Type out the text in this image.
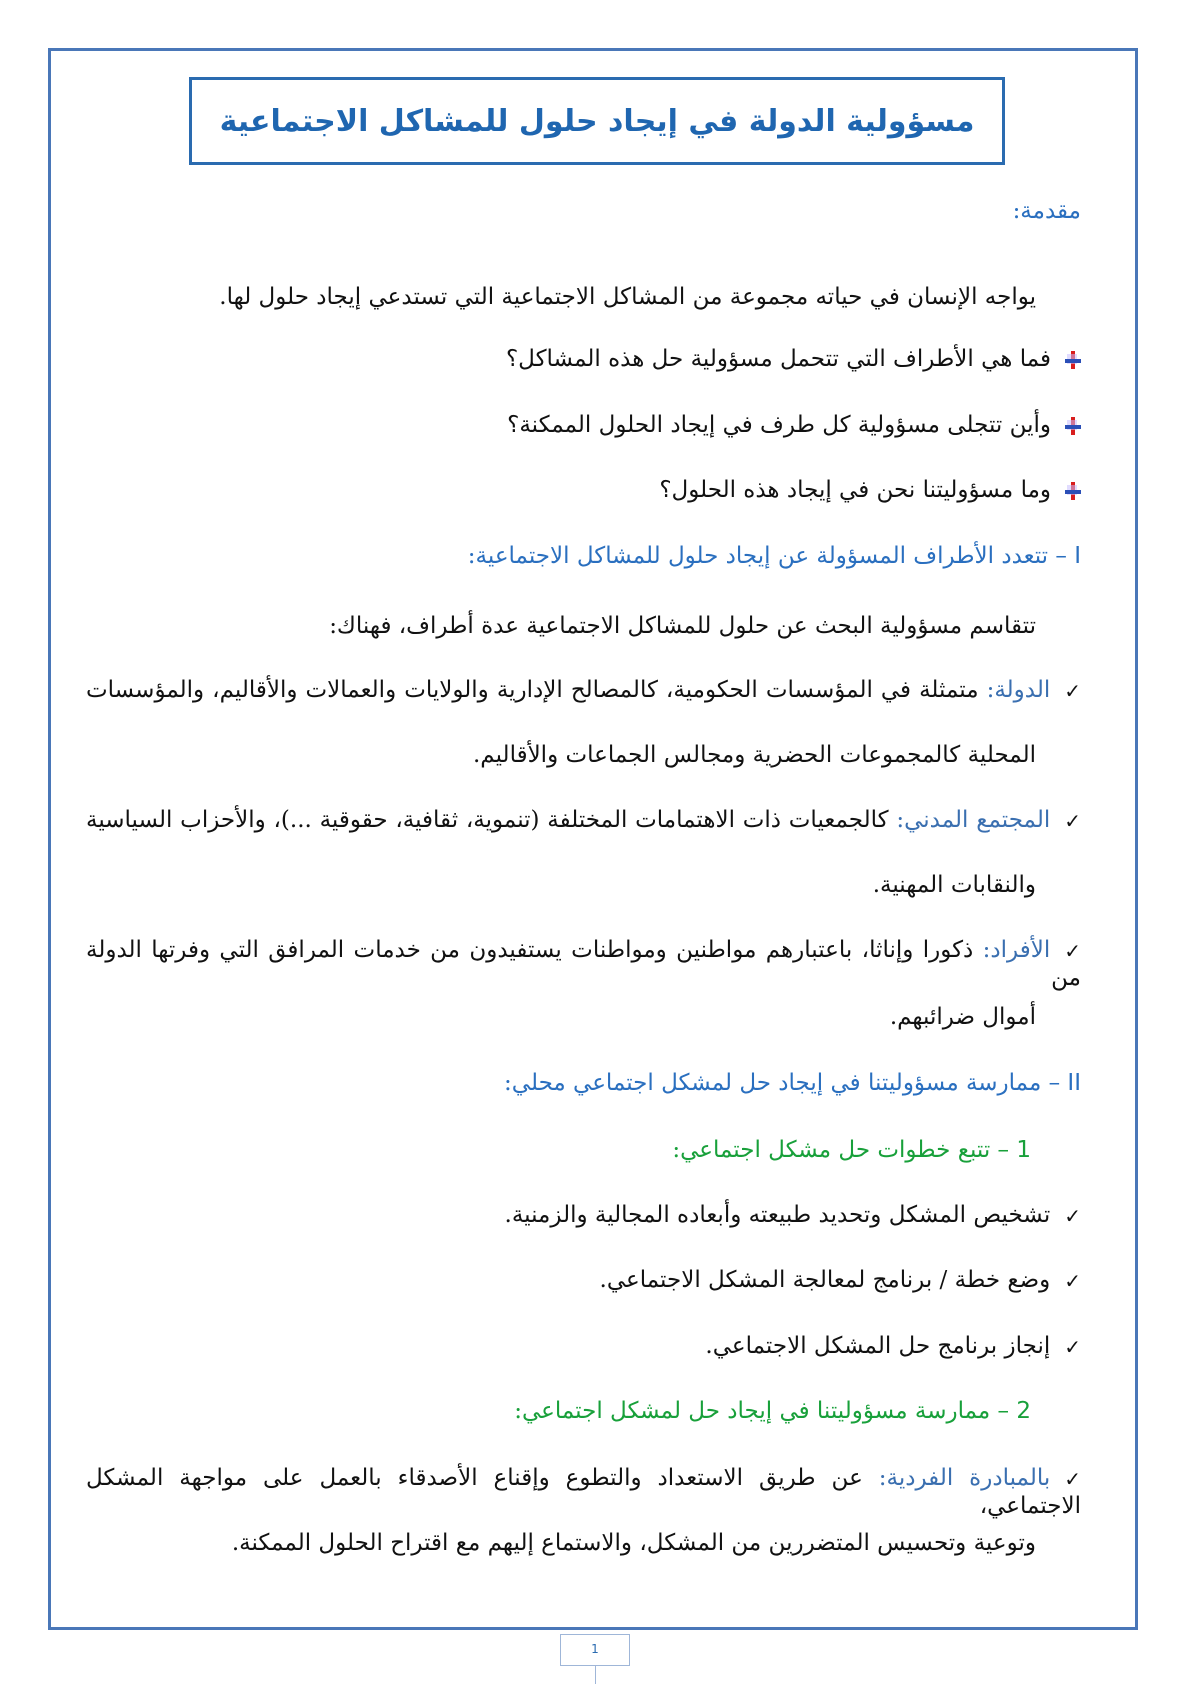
مسؤولية الدولة في إيجاد حلول للمشاكل الاجتماعية
مقدمة:
يواجه الإنسان في حياته مجموعة من المشاكل الاجتماعية التي تستدعي إيجاد حلول لها.
فما هي الأطراف التي تتحمل مسؤولية حل هذه المشاكل؟
وأين تتجلى مسؤولية كل طرف في إيجاد الحلول الممكنة؟
وما مسؤوليتنا نحن في إيجاد هذه الحلول؟
I – تتعدد الأطراف المسؤولة عن إيجاد حلول للمشاكل الاجتماعية:
تتقاسم مسؤولية البحث عن حلول للمشاكل الاجتماعية عدة أطراف، فهناك:
✓الدولة: متمثلة في المؤسسات الحكومية، كالمصالح الإدارية والولايات والعمالات والأقاليم، والمؤسسات
المحلية كالمجموعات الحضرية ومجالس الجماعات والأقاليم.
✓المجتمع المدني: كالجمعيات ذات الاهتمامات المختلفة (تنموية، ثقافية، حقوقية ...)، والأحزاب السياسية
والنقابات المهنية.
✓الأفراد: ذكورا وإناثا، باعتبارهم مواطنين ومواطنات يستفيدون من خدمات المرافق التي وفرتها الدولة من
أموال ضرائبهم.
II – ممارسة مسؤوليتنا في إيجاد حل لمشكل اجتماعي محلي:
1 – تتبع خطوات حل مشكل اجتماعي:
✓تشخيص المشكل وتحديد طبيعته وأبعاده المجالية والزمنية.
✓وضع خطة / برنامج لمعالجة المشكل الاجتماعي.
✓إنجاز برنامج حل المشكل الاجتماعي.
2 – ممارسة مسؤوليتنا في إيجاد حل لمشكل اجتماعي:
✓بالمبادرة الفردية: عن طريق الاستعداد والتطوع وإقناع الأصدقاء بالعمل على مواجهة المشكل الاجتماعي،
وتوعية وتحسيس المتضررين من المشكل، والاستماع إليهم مع اقتراح الحلول الممكنة.
1
